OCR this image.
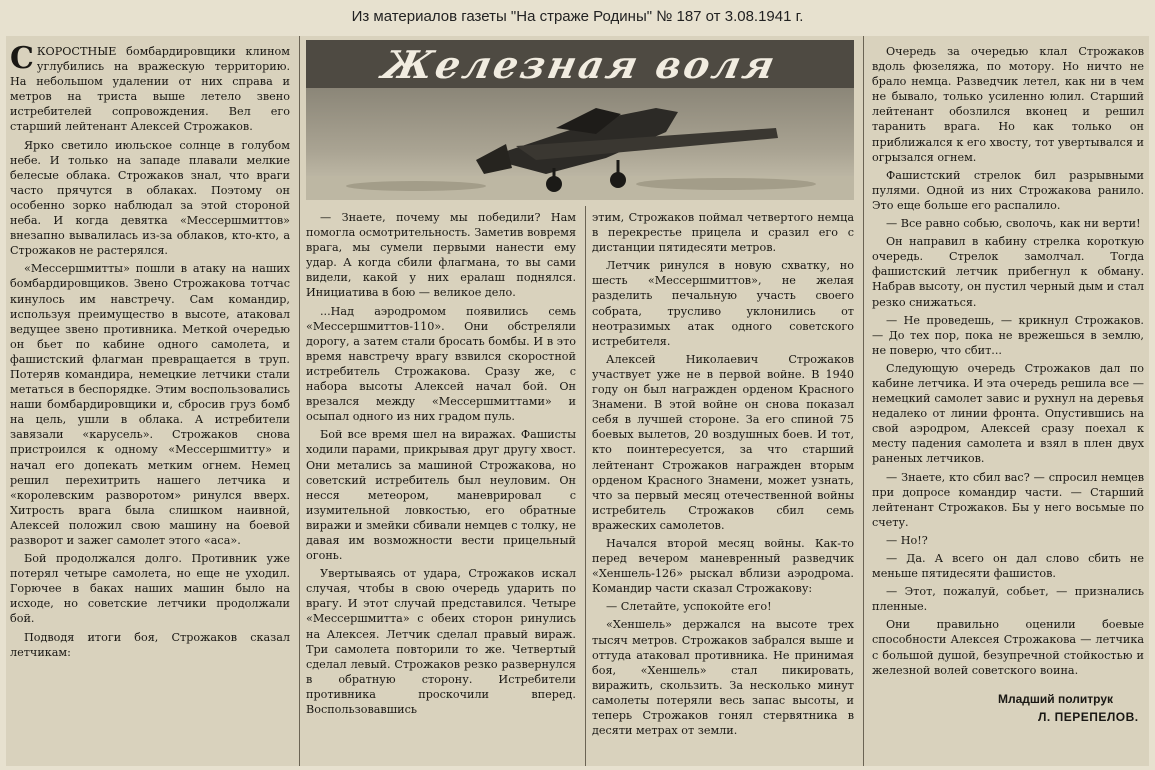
Из материалов газеты "На страже Родины" № 187 от 3.08.1941 г.

СКОРОСТНЫЕ бомбардировщики клином углубились на вражескую территорию. На небольшом удалении от них справа и метров на триста выше летело звено истребителей сопровождения. Вел его старший лейтенант Алексей Строжаков.

Ярко светило июльское солнце в голубом небе. И только на западе плавали мелкие белесые облака. Строжаков знал, что враги часто прячутся в облаках. Поэтому он особенно зорко наблюдал за этой стороной неба. И когда девятка «Мессершмиттов» внезапно вывалилась из-за облаков, кто-кто, а Строжаков не растерялся.

«Мессершмитты» пошли в атаку на наших бомбардировщиков. Звено Строжакова тотчас кинулось им навстречу. Сам командир, используя преимущество в высоте, атаковал ведущее звено противника. Меткой очередью он бьет по кабине одного самолета, и фашистский флагман превращается в труп. Потеряв командира, немецкие летчики стали метаться в беспорядке. Этим воспользовались наши бомбардировщики и, сбросив груз бомб на цель, ушли в облака. А истребители завязали «карусель». Строжаков снова пристроился к одному «Мессершмитту» и начал его допекать метким огнем. Немец решил перехитрить нашего летчика и «королевским разворотом» ринулся вверх. Хитрость врага была слишком наивной, Алексей положил свою машину на боевой разворот и зажег самолет этого «аса».

Бой продолжался долго. Противник уже потерял четыре самолета, но еще не уходил. Горючее в баках наших машин было на исходе, но советские летчики продолжали бой.

Подводя итоги боя, Строжаков сказал летчикам:

Железная воля

— Знаете, почему мы победили? Нам помогла осмотрительность. Заметив вовремя врага, мы сумели первыми нанести ему удар. А когда сбили флагмана, то вы сами видели, какой у них ералаш поднялся. Инициатива в бою — великое дело.

...Над аэродромом появились семь «Мессершмиттов-110». Они обстреляли дорогу, а затем стали бросать бомбы. И в это время навстречу врагу взвился скоростной истребитель Строжакова. Сразу же, с набора высоты Алексей начал бой. Он врезался между «Мессершмиттами» и осыпал одного из них градом пуль.

Бой все время шел на виражах. Фашисты ходили парами, прикрывая друг другу хвост. Они метались за машиной Строжакова, но советский истребитель был неуловим. Он несся метеором, маневрировал с изумительной ловкостью, его обратные виражи и змейки сбивали немцев с толку, не давая им возможности вести прицельный огонь.

Увертываясь от удара, Строжаков искал случая, чтобы в свою очередь ударить по врагу. И этот случай представился. Четыре «Мессершмитта» с обеих сторон ринулись на Алексея. Летчик сделал правый вираж. Три самолета повторили то же. Четвертый сделал левый. Строжаков резко развернулся в обратную сторону. Истребители противника проскочили вперед. Воспользовавшись

этим, Строжаков поймал четвертого немца в перекрестье прицела и сразил его с дистанции пятидесяти метров.

Летчик ринулся в новую схватку, но шесть «Мессершмиттов», не желая разделить печальную участь своего собрата, трусливо уклонились от неотразимых атак одного советского истребителя.

Алексей Николаевич Строжаков участвует уже не в первой войне. В 1940 году он был награжден орденом Красного Знамени. В этой войне он снова показал себя в лучшей стороне. За его спиной 75 боевых вылетов, 20 воздушных боев. И тот, кто поинтересуется, за что старший лейтенант Строжаков награжден вторым орденом Красного Знамени, может узнать, что за первый месяц отечественной войны истребитель Строжаков сбил семь вражеских самолетов.

Начался второй месяц войны. Как-то перед вечером маневренный разведчик «Хеншель-126» рыскал вблизи аэродрома. Командир части сказал Строжакову:

— Слетайте, успокойте его!

«Хеншель» держался на высоте трех тысяч метров. Строжаков забрался выше и оттуда атаковал противника. Не принимая боя, «Хеншель» стал пикировать, виражить, скользить. За несколько минут самолеты потеряли весь запас высоты, и теперь Строжаков гонял стервятника в десяти метрах от земли.

Очередь за очередью клал Строжаков вдоль фюзеляжа, по мотору. Но ничто не брало немца. Разведчик летел, как ни в чем не бывало, только усиленно юлил. Старший лейтенант обозлился вконец и решил таранить врага. Но как только он приближался к его хвосту, тот увертывался и огрызался огнем.

Фашистский стрелок бил разрывными пулями. Одной из них Строжакова ранило. Это еще больше его распалило.

— Все равно собью, сволочь, как ни верти!

Он направил в кабину стрелка короткую очередь. Стрелок замолчал. Тогда фашистский летчик прибегнул к обману. Набрав высоту, он пустил черный дым и стал резко снижаться.

— Не проведешь, — крикнул Строжаков. — До тех пор, пока не врежешься в землю, не поверю, что сбит...

Следующую очередь Строжаков дал по кабине летчика. И эта очередь решила все — немецкий самолет завис и рухнул на деревья недалеко от линии фронта. Опустившись на свой аэродром, Алексей сразу поехал к месту падения самолета и взял в плен двух раненых летчиков.

— Знаете, кто сбил вас? — спросил немцев при допросе командир части. — Старший лейтенант Строжаков. Бы у него восьмые по счету.

— Но!?

— Да. А всего он дал слово сбить не меньше пятидесяти фашистов.

— Этот, пожалуй, собьет, — признались пленные.

Они правильно оценили боевые способности Алексея Строжакова — летчика с большой душой, безупречной стойкостью и железной волей советского воина.

Младший политрук
Л. ПЕРЕПЕЛОВ.
